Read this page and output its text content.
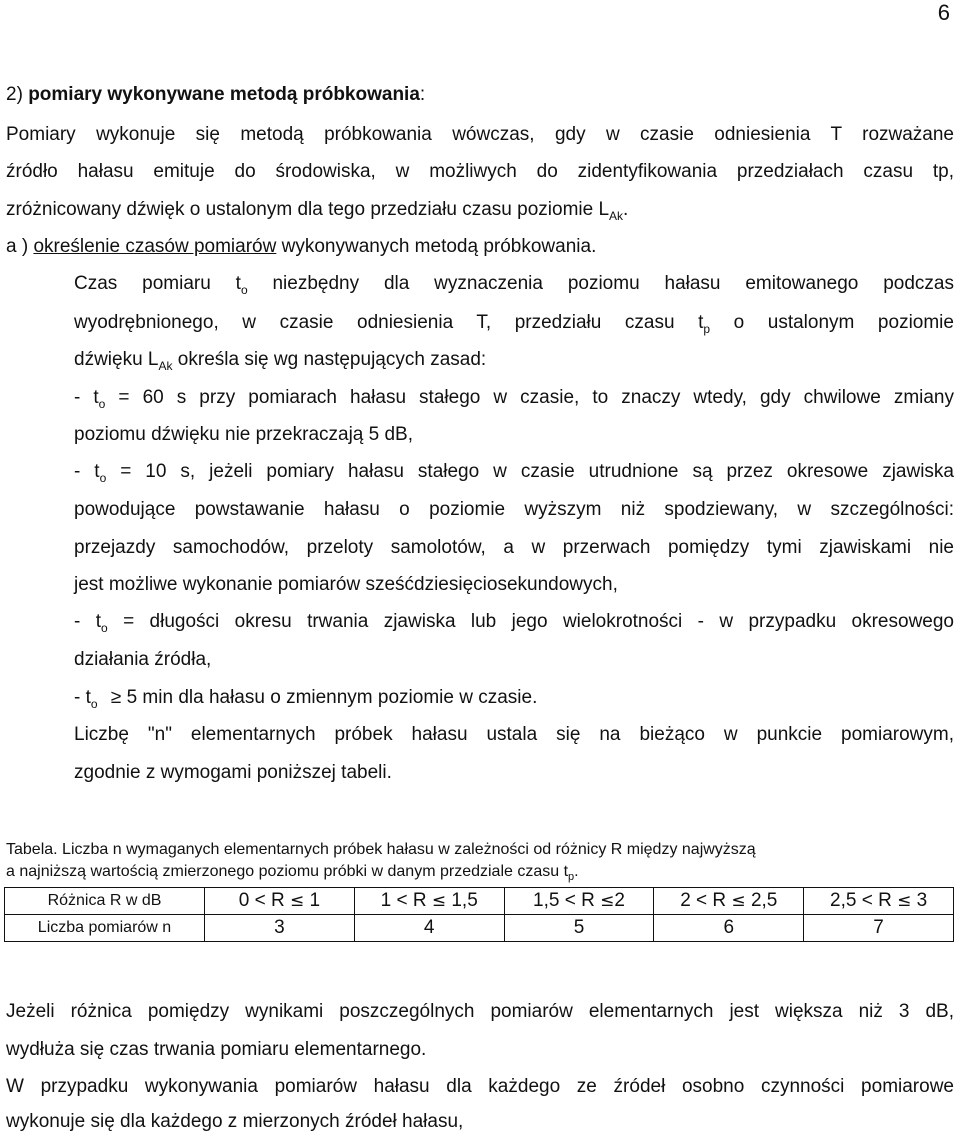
6
2) pomiary wykonywane metodą próbkowania:
Pomiary wykonuje się metodą próbkowania wówczas, gdy w czasie odniesienia T rozważane
źródło hałasu emituje do środowiska, w możliwych do zidentyfikowania przedziałach czasu tp,
zróżnicowany dźwięk o ustalonym dla tego przedziału czasu poziomie $L_{Ak}$.
a ) określenie czasów pomiarów wykonywanych metodą próbkowania.
Czas pomiaru $t_o$ niezbędny dla wyznaczenia poziomu hałasu emitowanego podczas
wyodrębnionego, w czasie odniesienia T, przedziału czasu $t_p$ o ustalonym poziomie
dźwięku $L_{Ak}$ określa się wg następujących zasad:
- $t_o = 60$ s przy pomiarach hałasu stałego w czasie, to znaczy wtedy, gdy chwilowe zmiany
poziomu dźwięku nie przekraczają 5 dB,
- $t_o = 10$ s, jeżeli pomiary hałasu stałego w czasie utrudnione są przez okresowe zjawiska
powodujące powstawanie hałasu o poziomie wyższym niż spodziewany, w szczególności:
przejazdy samochodów, przeloty samolotów, a w przerwach pomiędzy tymi zjawiskami nie
jest możliwe wykonanie pomiarów sześćdziesięciosekundowych,
- $t_o$ = długości okresu trwania zjawiska lub jego wielokrotności - w przypadku okresowego
działania źródła,
- $t_o \ge 5$ min dla hałasu o zmiennym poziomie w czasie.
Liczbę "n" elementarnych próbek hałasu ustala się na bieżąco w punkcie pomiarowym,
zgodnie z wymogami poniższej tabeli.
Tabela. Liczba n wymaganych elementarnych próbek hałasu w zależności od różnicy R między najwyższą
a najniższą wartością zmierzonego poziomu próbki w danym przedziale czasu $t_p$.
Różnica R w dB	0 < R ≤ 1	1 < R ≤ 1,5	1,5 < R ≤2	2 < R ≤ 2,5	2,5 < R ≤ 3
Liczba pomiarów n	3	4	5	6	7
Jeżeli różnica pomiędzy wynikami poszczególnych pomiarów elementarnych jest większa niż 3 dB,
wydłuża się czas trwania pomiaru elementarnego.
W przypadku wykonywania pomiarów hałasu dla każdego ze źródeł osobno czynności pomiarowe
wykonuje się dla każdego z mierzonych źródeł hałasu,
